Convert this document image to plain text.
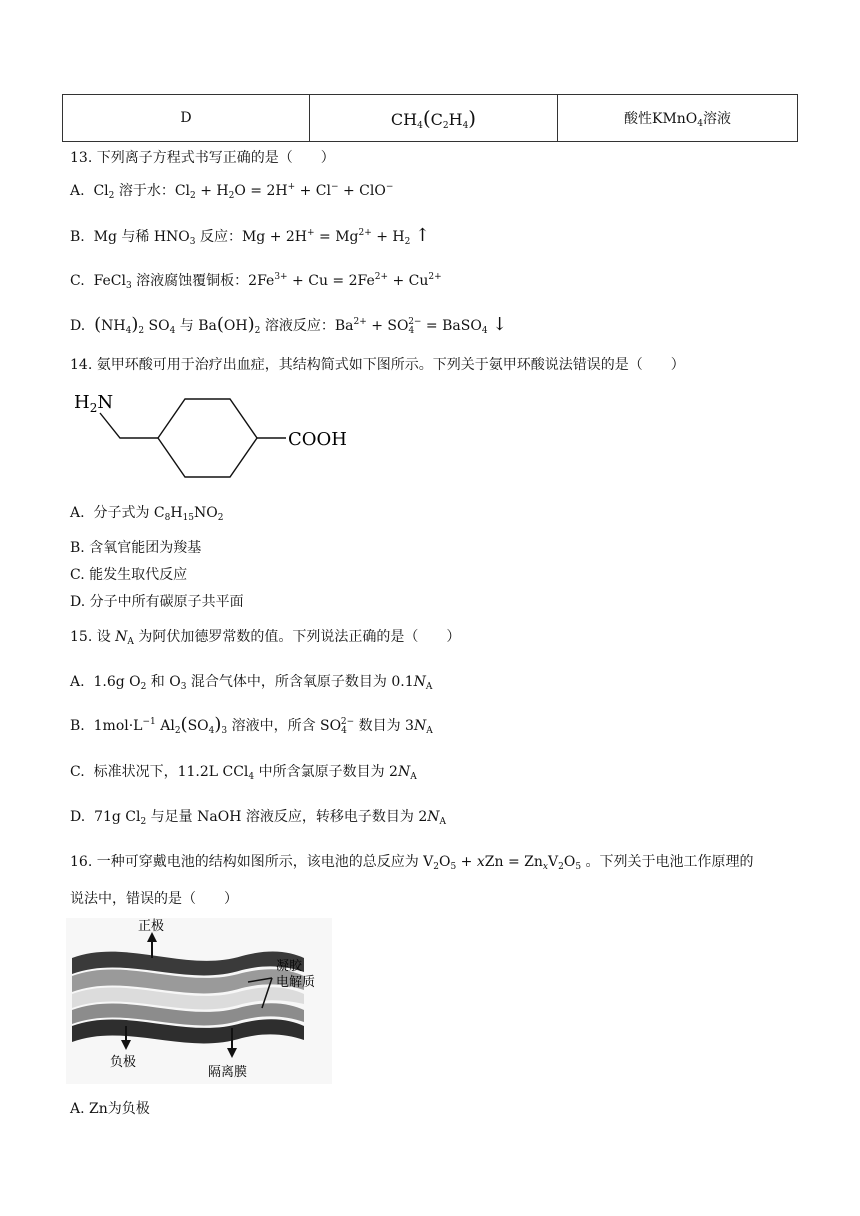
D	$CH_4(C_2H_4)$	酸性KMnO$_4$溶液
13. 下列离子方程式书写正确的是（　　）
A.  $Cl_2$ 溶于水：$Cl_2 + H_2O = 2H^+ + Cl^- + ClO^-$
B.  Mg 与稀 $HNO_3$ 反应：$Mg + 2H^+ = Mg^{2+} + H_2$ ↑
C.  FeCl$_3$ 溶液腐蚀覆铜板：$2Fe^{3+} + Cu = 2Fe^{2+} + Cu^{2+}$
D.  $(NH_4)_2$ $SO_4$ 与 $Ba(OH)_2$ 溶液反应：$Ba^{2+} + SO_4^{2-}$ = BaSO$_4$ ↓
14. 氨甲环酸可用于治疗出血症，其结构简式如下图所示。下列关于氨甲环酸说法错误的是（　　）
$H_2N$
COOH
A.  分子式为 $C_8H_{15}NO_2$
B. 含氧官能团为羧基
C. 能发生取代反应
D. 分子中所有碳原子共平面
15. 设 $N_A$ 为阿伏加德罗常数的值。下列说法正确的是（　　）
A.  1.6g $O_2$ 和 $O_3$ 混合气体中，所含氧原子数目为 $0.1N_A$
B.  $1mol\cdot L^{-1}$ $Al_2(SO_4)_3$ 溶液中，所含 $SO_4^{2-}$ 数目为 $3N_A$
C.  标准状况下，11.2L CCl$_4$ 中所含氯原子数目为 $2N_A$
D.  71g $Cl_2$ 与足量 NaOH 溶液反应，转移电子数目为 $2N_A$
16. 一种可穿戴电池的结构如图所示，该电池的总反应为 $V_2O_5$ + xZn = $Zn_xV_2O_5$ 。下列关于电池工作原理的
说法中，错误的是（　　）
正极
凝胶
电解质
负极
隔离膜
A. Zn为负极
